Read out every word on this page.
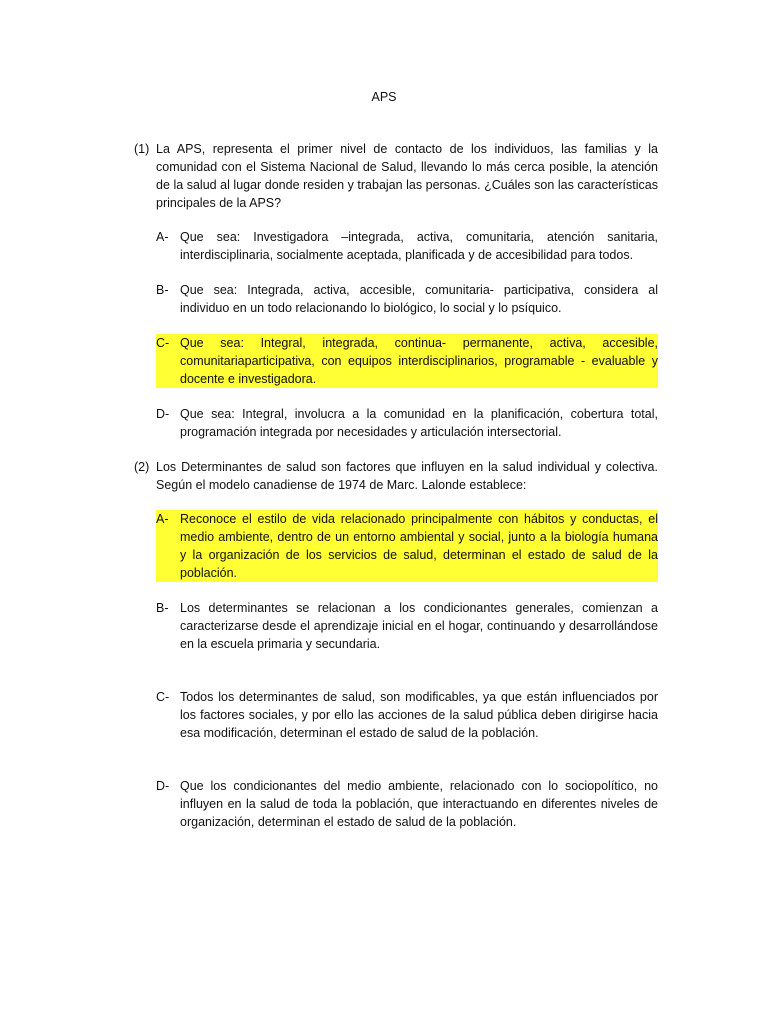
APS
(1) La APS, representa el primer nivel de contacto de los individuos, las familias y la comunidad con el Sistema Nacional de Salud, llevando lo más cerca posible, la atención de la salud al lugar donde residen y trabajan las personas. ¿Cuáles son las características principales de la APS?
A- Que sea: Investigadora –integrada, activa, comunitaria, atención sanitaria, interdisciplinaria, socialmente aceptada, planificada y de accesibilidad para todos.
B- Que sea: Integrada, activa, accesible, comunitaria- participativa, considera al individuo en un todo relacionando lo biológico, lo social y lo psíquico.
C- Que sea: Integral, integrada, continua- permanente, activa, accesible, comunitariaparticipativa, con equipos interdisciplinarios, programable - evaluable y docente e investigadora.
D- Que sea: Integral, involucra a la comunidad en la planificación, cobertura total, programación integrada por necesidades y articulación intersectorial.
(2) Los Determinantes de salud son factores que influyen en la salud individual y colectiva. Según el modelo canadiense de 1974 de Marc. Lalonde establece:
A- Reconoce el estilo de vida relacionado principalmente con hábitos y conductas, el medio ambiente, dentro de un entorno ambiental y social, junto a la biología humana y la organización de los servicios de salud, determinan el estado de salud de la población.
B- Los determinantes se relacionan a los condicionantes generales, comienzan a caracterizarse desde el aprendizaje inicial en el hogar, continuando y desarrollándose en la escuela primaria y secundaria.
C- Todos los determinantes de salud, son modificables, ya que están influenciados por los factores sociales, y por ello las acciones de la salud pública deben dirigirse hacia esa modificación, determinan el estado de salud de la población.
D- Que los condicionantes del medio ambiente, relacionado con lo sociopolítico, no influyen en la salud de toda la población, que interactuando en diferentes niveles de organización, determinan el estado de salud de la población.
